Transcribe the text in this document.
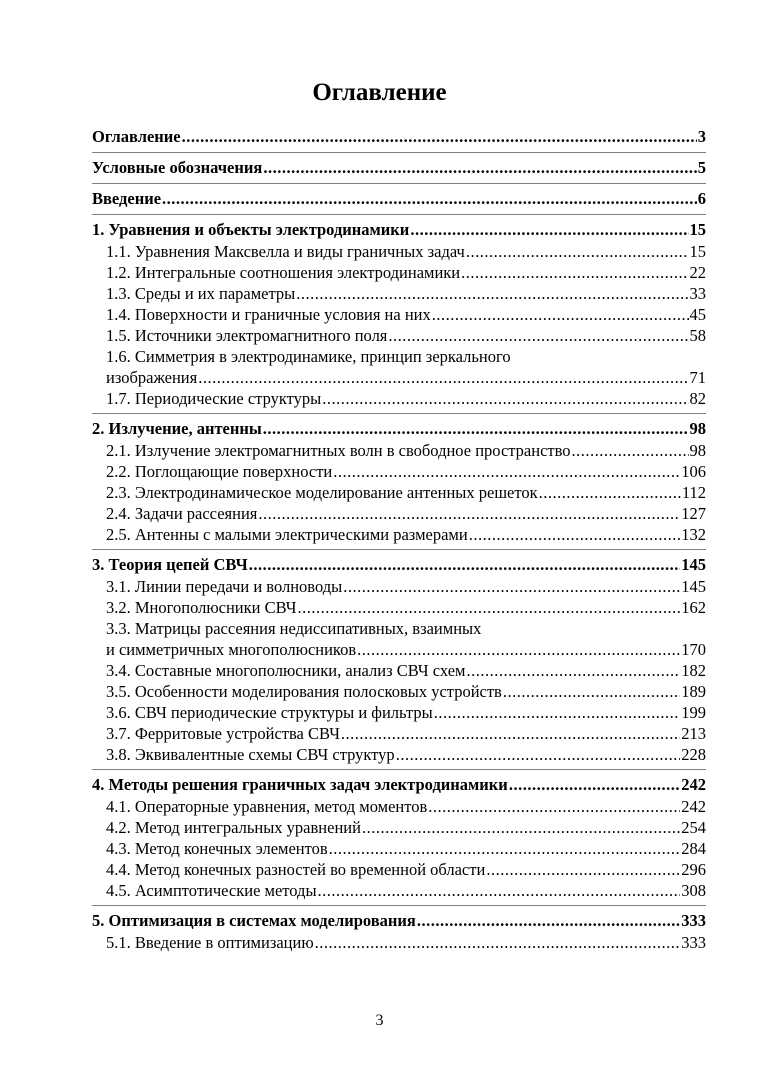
Оглавление
Оглавление .....	3
Условные обозначения .....	5
Введение .....	6
1. Уравнения и объекты электродинамики .....	15
1.1. Уравнения Максвелла и виды граничных задач .....	15
1.2. Интегральные соотношения электродинамики .....	22
1.3. Среды и их параметры .....	33
1.4. Поверхности и граничные условия на них .....	45
1.5. Источники электромагнитного поля .....	58
1.6. Симметрия в электродинамике, принцип зеркального
изображения .....	71
1.7. Периодические структуры .....	82
2. Излучение, антенны .....	98
2.1. Излучение электромагнитных волн в свободное пространство .....	98
2.2. Поглощающие поверхности .....	106
2.3. Электродинамическое моделирование антенных решеток .....	112
2.4. Задачи рассеяния .....	127
2.5. Антенны с малыми электрическими размерами .....	132
3. Теория цепей СВЧ .....	145
3.1. Линии передачи и волноводы .....	145
3.2. Многополюсники СВЧ .....	162
3.3. Матрицы рассеяния недиссипативных, взаимных
и симметричных многополюсников .....	170
3.4. Составные многополюсники, анализ СВЧ схем .....	182
3.5. Особенности моделирования полосковых устройств .....	189
3.6. СВЧ периодические структуры и фильтры .....	199
3.7. Ферритовые устройства СВЧ .....	213
3.8. Эквивалентные схемы СВЧ структур .....	228
4. Методы решения граничных задач электродинамики .....	242
4.1. Операторные уравнения, метод моментов .....	242
4.2. Метод интегральных уравнений .....	254
4.3. Метод конечных элементов .....	284
4.4. Метод конечных разностей во временной области .....	296
4.5. Асимптотические методы .....	308
5. Оптимизация в системах моделирования .....	333
5.1. Введение в оптимизацию .....	333
3
